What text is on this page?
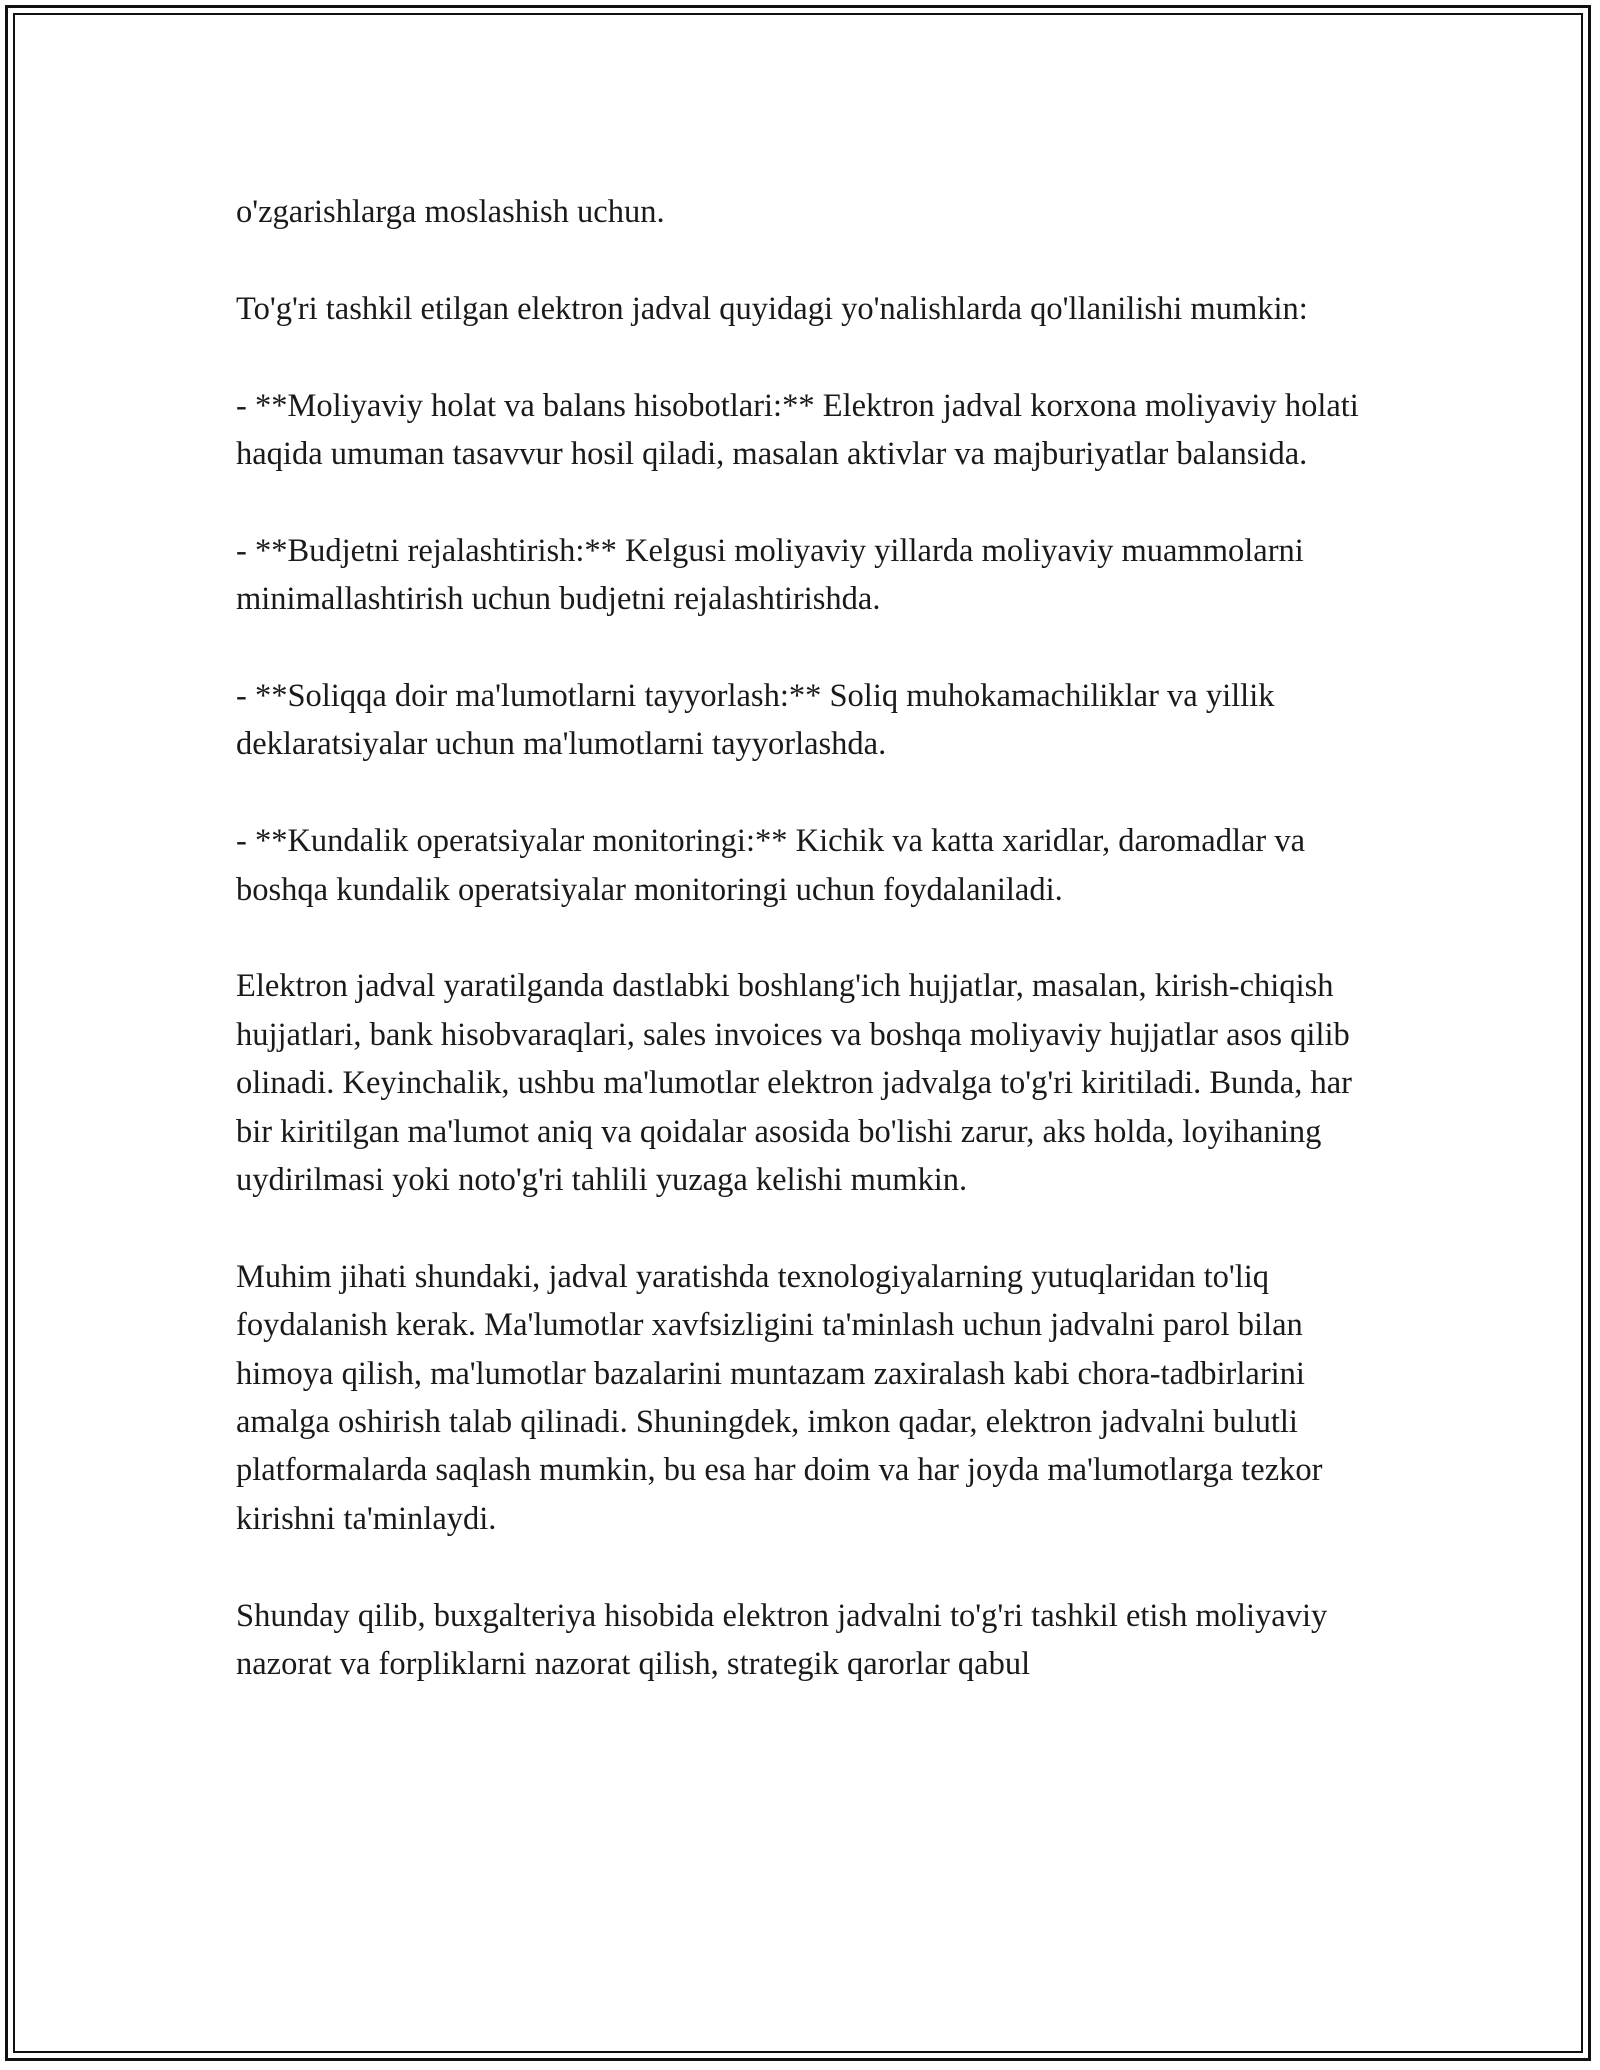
o'zgarishlarga moslashish uchun.

To'g'ri tashkil etilgan elektron jadval quyidagi yo'nalishlarda qo'llanilishi mumkin:

- **Moliyaviy holat va balans hisobotlari:** Elektron jadval korxona moliyaviy holati haqida umuman tasavvur hosil qiladi, masalan aktivlar va majburiyatlar balansida.

- **Budjetni rejalashtirish:** Kelgusi moliyaviy yillarda moliyaviy muammolarni minimallashtirish uchun budjetni rejalashtirishda.

- **Soliqqa doir ma'lumotlarni tayyorlash:** Soliq muhokamachiliklar va yillik deklaratsiyalar uchun ma'lumotlarni tayyorlashda.

- **Kundalik operatsiyalar monitoringi:** Kichik va katta xaridlar, daromadlar va boshqa kundalik operatsiyalar monitoringi uchun foydalaniladi.

Elektron jadval yaratilganda dastlabki boshlang'ich hujjatlar, masalan, kirish-chiqish hujjatlari, bank hisobvaraqlari, sales invoices va boshqa moliyaviy hujjatlar asos qilib olinadi. Keyinchalik, ushbu ma'lumotlar elektron jadvalga to'g'ri kiritiladi. Bunda, har bir kiritilgan ma'lumot aniq va qoidalar asosida bo'lishi zarur, aks holda, loyihaning uydirilmasi yoki noto'g'ri tahlili yuzaga kelishi mumkin.

Muhim jihati shundaki, jadval yaratishda texnologiyalarning yutuqlaridan to'liq foydalanish kerak. Ma'lumotlar xavfsizligini ta'minlash uchun jadvalni parol bilan himoya qilish, ma'lumotlar bazalarini muntazam zaxiralash kabi chora-tadbirlarini amalga oshirish talab qilinadi. Shuningdek, imkon qadar, elektron jadvalni bulutli platformalarda saqlash mumkin, bu esa har doim va har joyda ma'lumotlarga tezkor kirishni ta'minlaydi.

Shunday qilib, buxgalteriya hisobida elektron jadvalni to'g'ri tashkil etish moliyaviy nazorat va forpliklarni nazorat qilish, strategik qarorlar qabul
